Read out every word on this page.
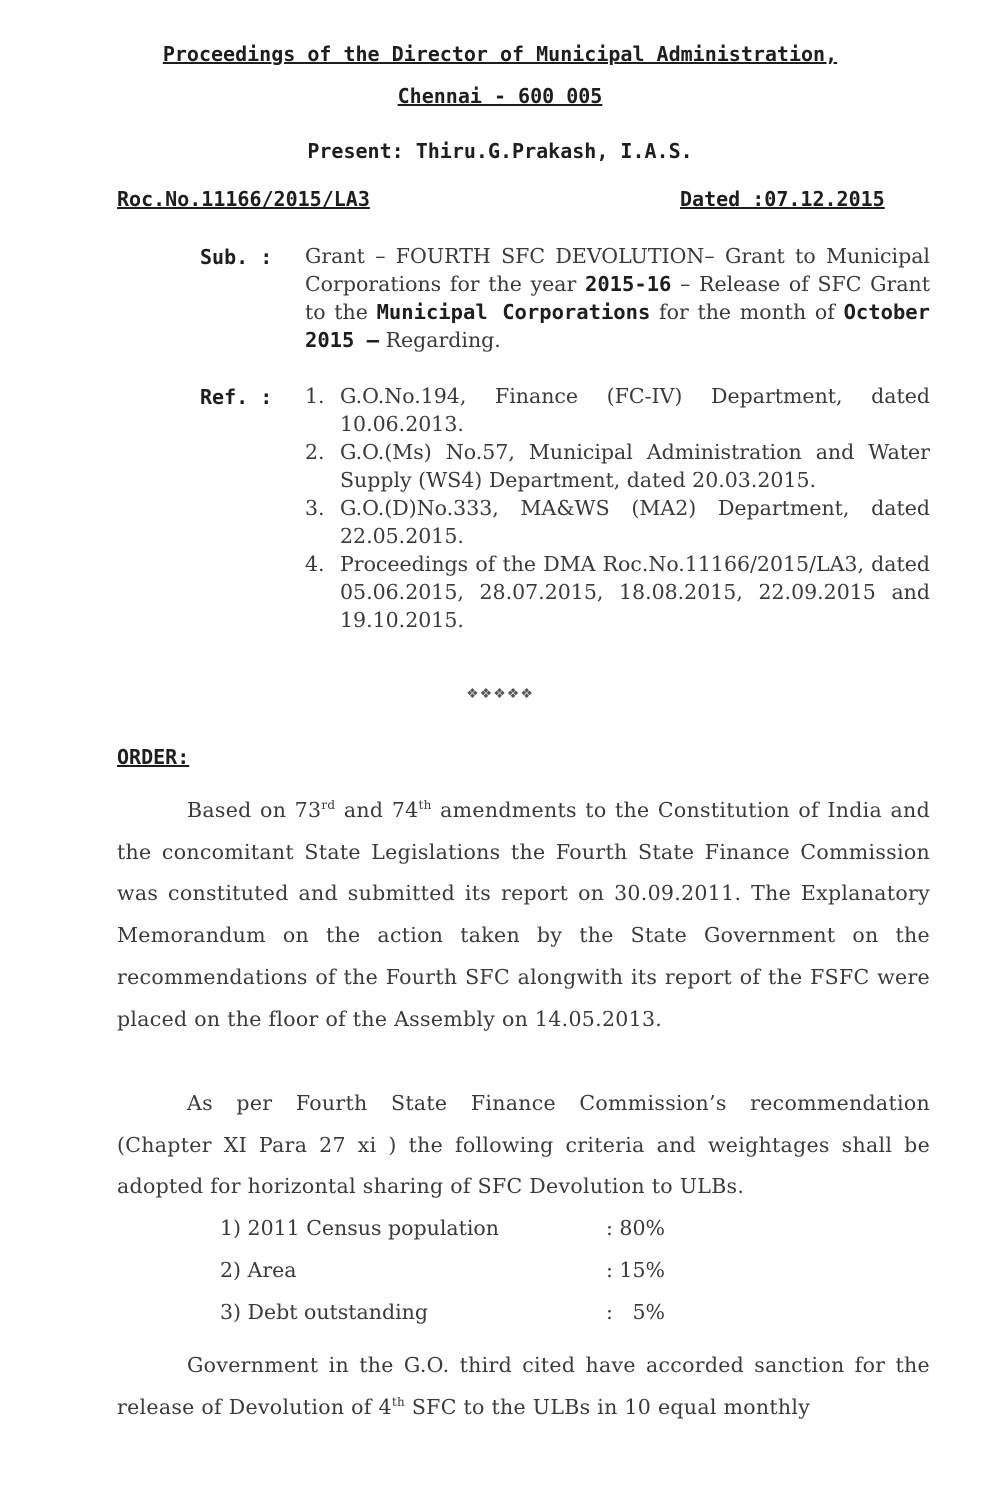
Proceedings of the Director of Municipal Administration,
Chennai - 600 005
Present: Thiru.G.Prakash, I.A.S.
Roc.No.11166/2015/LA3	Dated :07.12.2015
Sub. : Grant – FOURTH SFC DEVOLUTION– Grant to Municipal Corporations for the year 2015-16 – Release of SFC Grant to the Municipal Corporations for the month of October 2015 – Regarding.
Ref. : 1. G.O.No.194, Finance (FC-IV) Department, dated 10.06.2013.
2. G.O.(Ms) No.57, Municipal Administration and Water Supply (WS4) Department, dated 20.03.2015.
3. G.O.(D)No.333, MA&WS (MA2) Department, dated 22.05.2015.
4. Proceedings of the DMA Roc.No.11166/2015/LA3, dated 05.06.2015, 28.07.2015, 18.08.2015, 22.09.2015 and 19.10.2015.
❖❖❖❖❖
ORDER:
Based on 73rd and 74th amendments to the Constitution of India and the concomitant State Legislations the Fourth State Finance Commission was constituted and submitted its report on 30.09.2011. The Explanatory Memorandum on the action taken by the State Government on the recommendations of the Fourth SFC alongwith its report of the FSFC were placed on the floor of the Assembly on 14.05.2013.
As per Fourth State Finance Commission’s recommendation (Chapter XI Para 27 xi ) the following criteria and weightages shall be adopted for horizontal sharing of SFC Devolution to ULBs.
1) 2011 Census population	: 80%
2) Area	: 15%
3) Debt outstanding	:   5%
Government in the G.O. third cited have accorded sanction for the release of Devolution of 4th SFC to the ULBs in 10 equal monthly
